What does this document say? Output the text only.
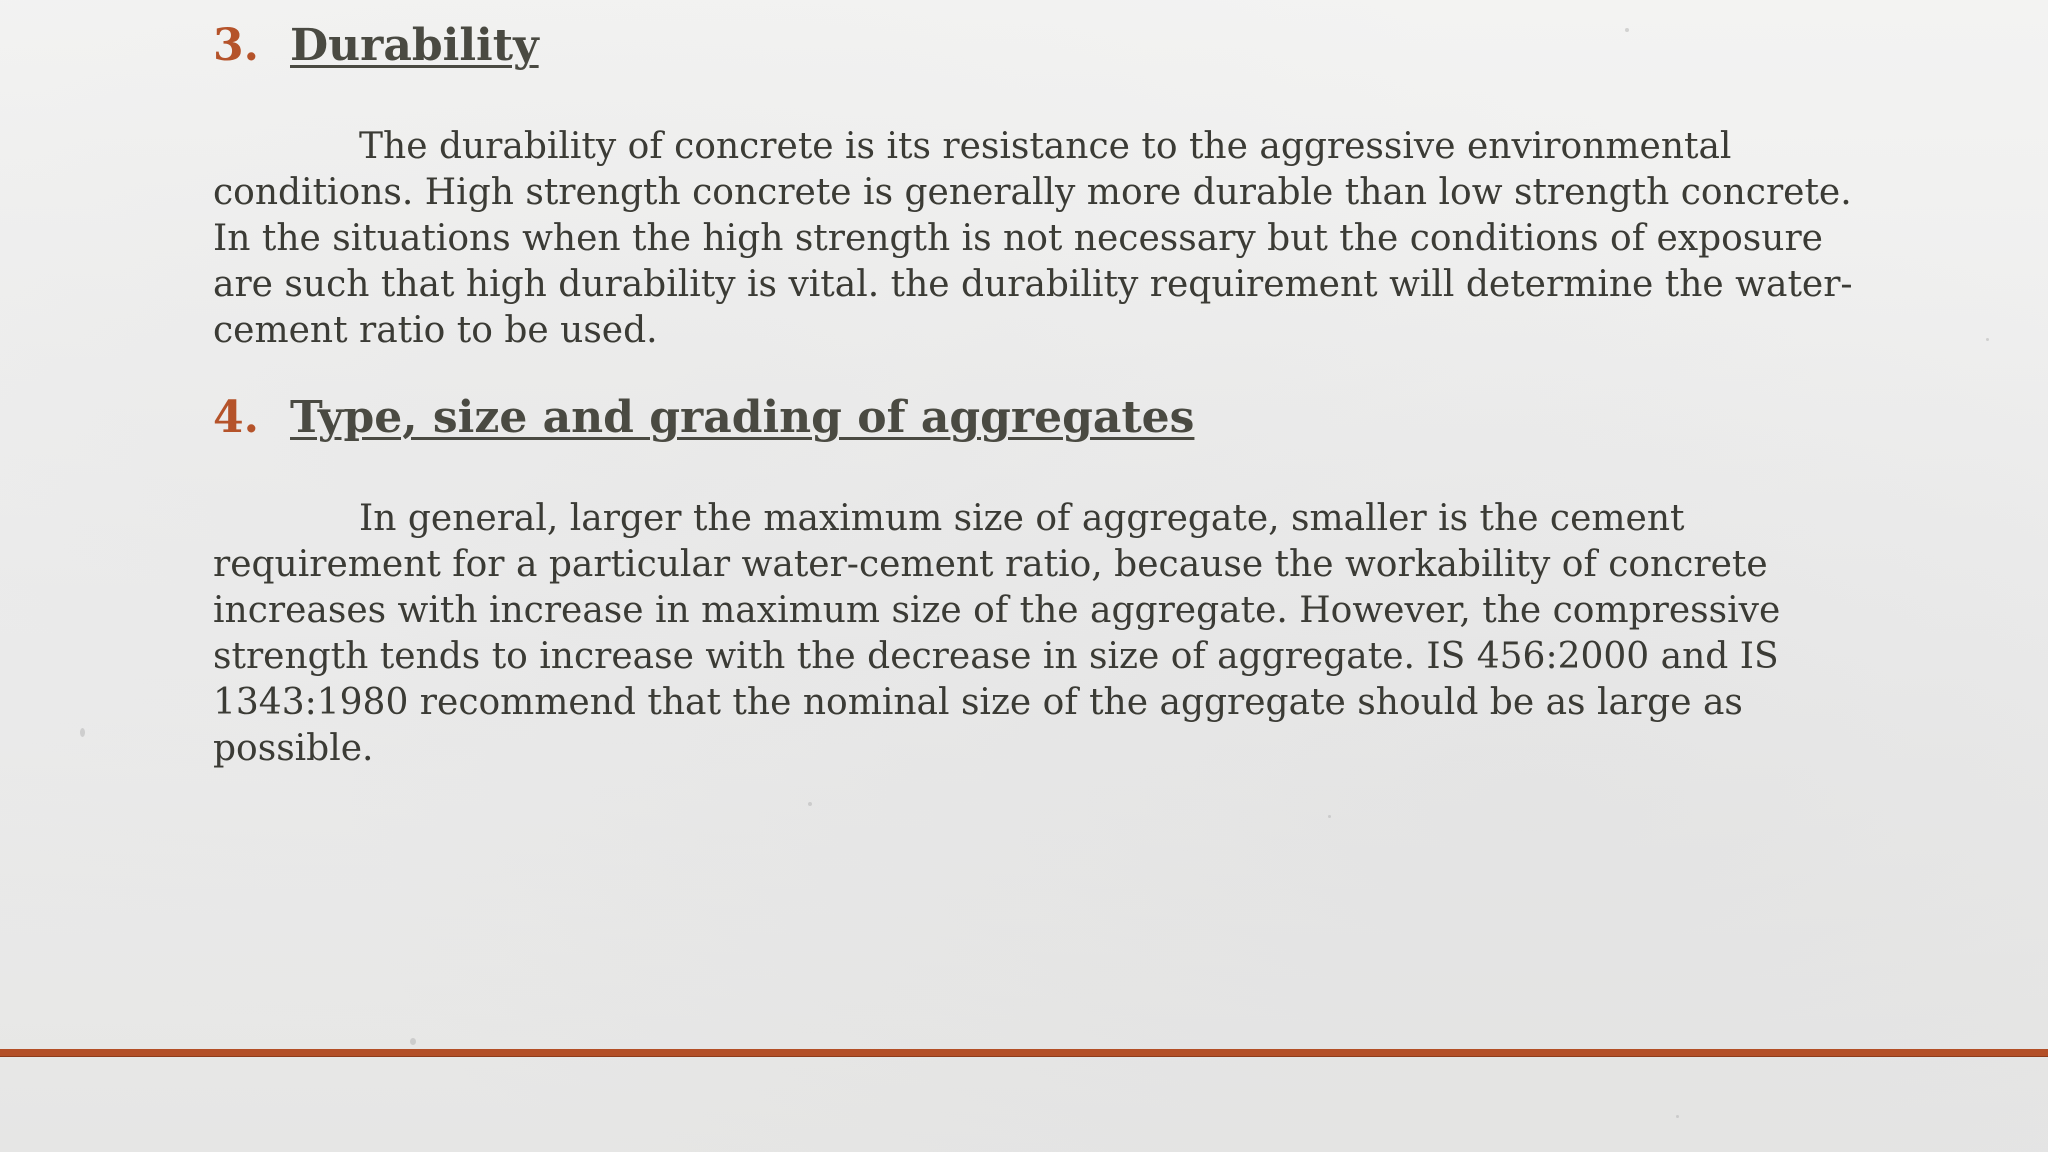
3. Durability

The durability of concrete is its resistance to the aggressive environmental conditions. High strength concrete is generally more durable than low strength concrete. In the situations when the high strength is not necessary but the conditions of exposure are such that high durability is vital. the durability requirement will determine the water-cement ratio to be used.

4. Type, size and grading of aggregates

In general, larger the maximum size of aggregate, smaller is the cement requirement for a particular water-cement ratio, because the workability of concrete increases with increase in maximum size of the aggregate. However, the compressive strength tends to increase with the decrease in size of aggregate. IS 456:2000 and IS 1343:1980 recommend that the nominal size of the aggregate should be as large as possible.
